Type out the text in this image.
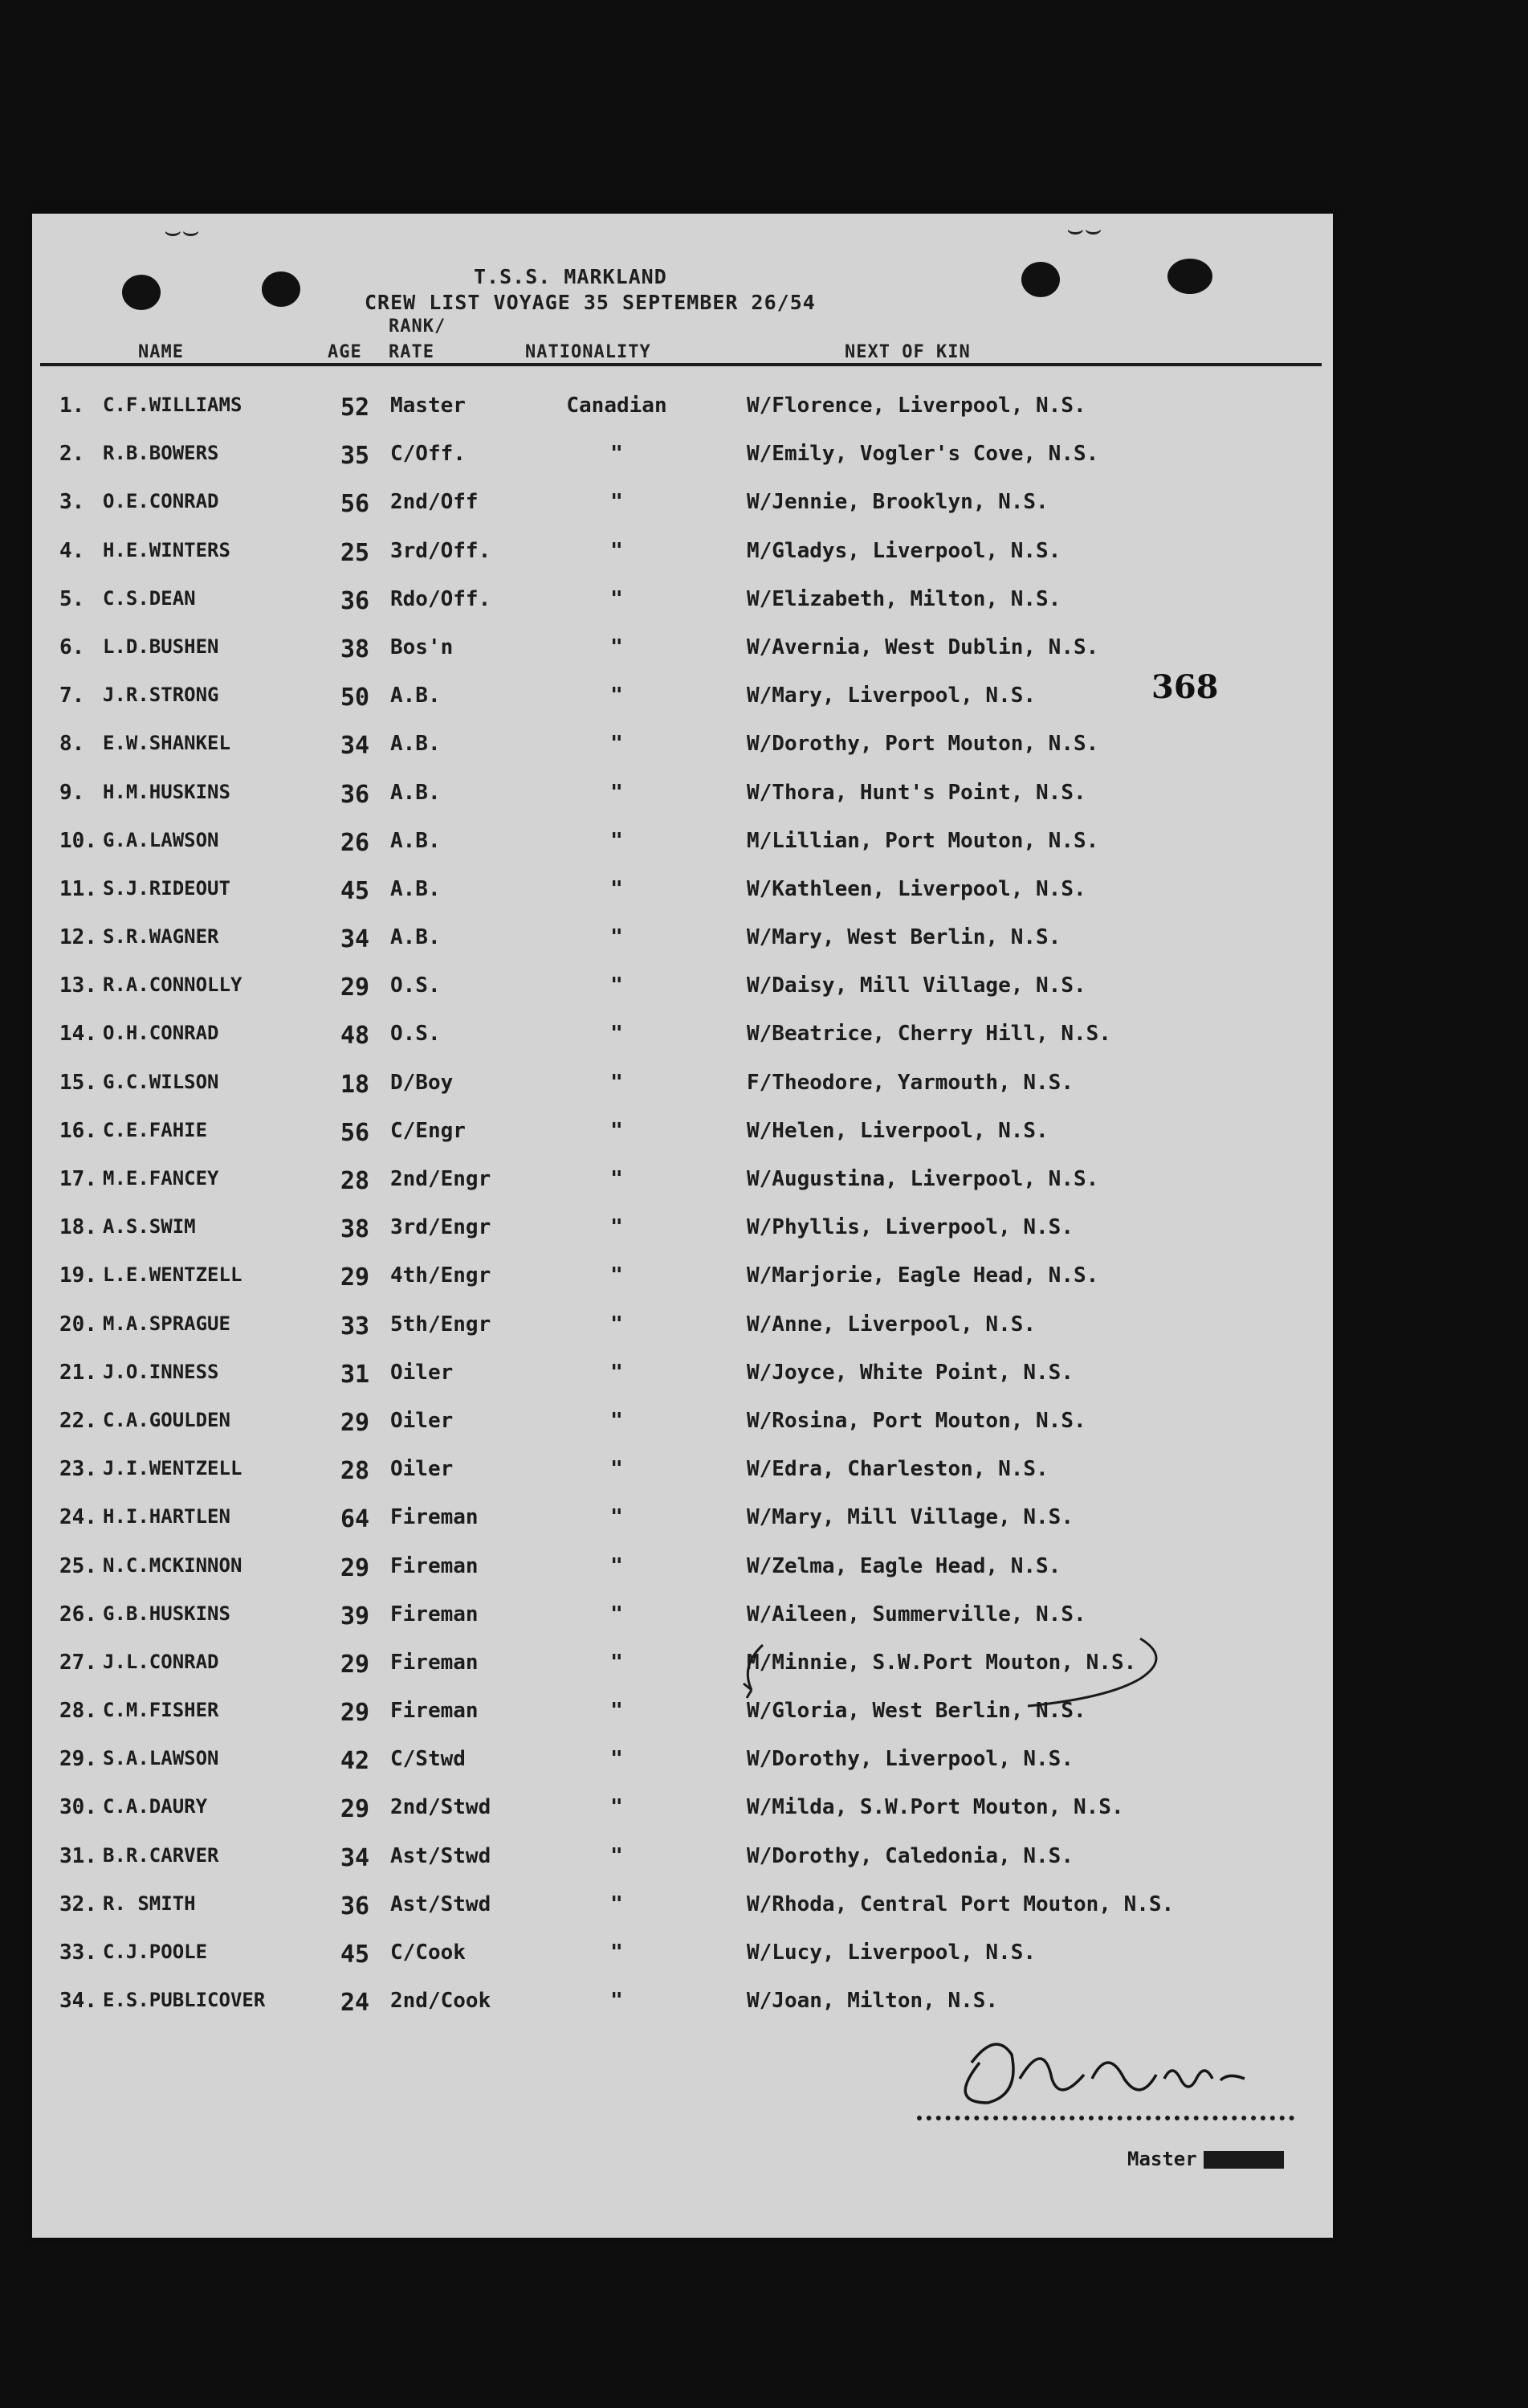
⌣⌣	⌣⌣
T.S.S. MARKLAND
CREW LIST VOYAGE 35 SEPTEMBER 26/54
RANK/
NAME	AGE RATE	NATIONALITY	NEXT OF KIN
1. C.F.WILLIAMS	52 Master	Canadian	W/Florence, Liverpool, N.S.
2. R.B.BOWERS	35 C/Off.	"	W/Emily, Vogler's Cove, N.S.
3. O.E.CONRAD	56 2nd/Off	"	W/Jennie, Brooklyn, N.S.
4. H.E.WINTERS	25 3rd/Off.	"	M/Gladys, Liverpool, N.S.
5. C.S.DEAN	36 Rdo/Off.	"	W/Elizabeth, Milton, N.S.
6. L.D.BUSHEN	38 Bos'n	"	W/Avernia, West Dublin, N.S.
7. J.R.STRONG	50 A.B.	"	W/Mary, Liverpool, N.S.
8. E.W.SHANKEL	34 A.B.	"	W/Dorothy, Port Mouton, N.S.
9. H.M.HUSKINS	36 A.B.	"	W/Thora, Hunt's Point, N.S.
10. G.A.LAWSON	26 A.B.	"	M/Lillian, Port Mouton, N.S.
11. S.J.RIDEOUT	45 A.B.	"	W/Kathleen, Liverpool, N.S.
12. S.R.WAGNER	34 A.B.	"	W/Mary, West Berlin, N.S.
13. R.A.CONNOLLY	29 O.S.	"	W/Daisy, Mill Village, N.S.
14. O.H.CONRAD	48 O.S.	"	W/Beatrice, Cherry Hill, N.S.
15. G.C.WILSON	18 D/Boy	"	F/Theodore, Yarmouth, N.S.
16. C.E.FAHIE	56 C/Engr	"	W/Helen, Liverpool, N.S.
17. M.E.FANCEY	28 2nd/Engr	"	W/Augustina, Liverpool, N.S.
18. A.S.SWIM	38 3rd/Engr	"	W/Phyllis, Liverpool, N.S.
19. L.E.WENTZELL	29 4th/Engr	"	W/Marjorie, Eagle Head, N.S.
20. M.A.SPRAGUE	33 5th/Engr	"	W/Anne, Liverpool, N.S.
21. J.O.INNESS	31 Oiler	"	W/Joyce, White Point, N.S.
22. C.A.GOULDEN	29 Oiler	"	W/Rosina, Port Mouton, N.S.
23. J.I.WENTZELL	28 Oiler	"	W/Edra, Charleston, N.S.
24. H.I.HARTLEN	64 Fireman	"	W/Mary, Mill Village, N.S.
25. N.C.MCKINNON	29 Fireman	"	W/Zelma, Eagle Head, N.S.
26. G.B.HUSKINS	39 Fireman	"	W/Aileen, Summerville, N.S.
27. J.L.CONRAD	29 Fireman	"	M/Minnie, S.W.Port Mouton, N.S.
28. C.M.FISHER	29 Fireman	"	W/Gloria, West Berlin, N.S.
29. S.A.LAWSON	42 C/Stwd	"	W/Dorothy, Liverpool, N.S.
30. C.A.DAURY	29 2nd/Stwd	"	W/Milda, S.W.Port Mouton, N.S.
31. B.R.CARVER	34 Ast/Stwd	"	W/Dorothy, Caledonia, N.S.
32. R. SMITH	36 Ast/Stwd	"	W/Rhoda, Central Port Mouton, N.S.
33. C.J.POOLE	45 C/Cook	"	W/Lucy, Liverpool, N.S.
34. E.S.PUBLICOVER	24 2nd/Cook	"	W/Joan, Milton, N.S.
368
Master
